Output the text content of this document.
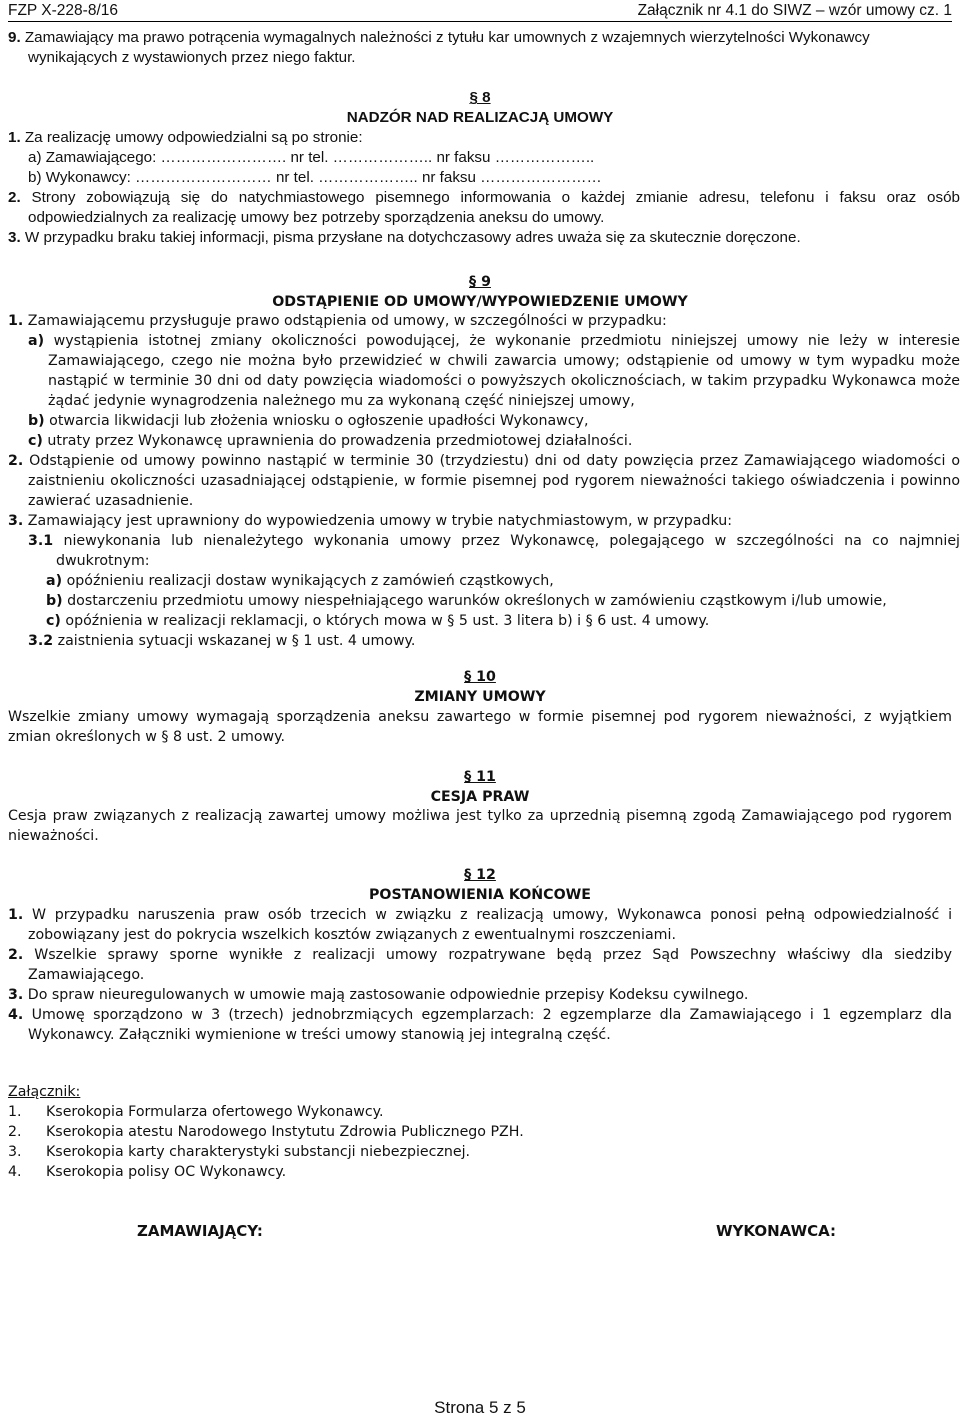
FZP X-228-8/16	Załącznik nr 4.1 do SIWZ – wzór umowy cz. 1
9. Zamawiający ma prawo potrącenia wymagalnych należności z tytułu kar umownych z wzajemnych wierzytelności Wykonawcy wynikających z wystawionych przez niego faktur.
§ 8
NADZÓR NAD REALIZACJĄ UMOWY
1. Za realizację umowy odpowiedzialni są po stronie:
a) Zamawiającego: ……………………. nr tel. ……………….. nr faksu ………………..
b) Wykonawcy: ……………………… nr tel. ……………….. nr faksu ……………………
2. Strony zobowiązują się do natychmiastowego pisemnego informowania o każdej zmianie adresu, telefonu i faksu oraz osób odpowiedzialnych za realizację umowy bez potrzeby sporządzenia aneksu do umowy.
3. W przypadku braku takiej informacji, pisma przysłane na dotychczasowy adres uważa się za skutecznie doręczone.
§ 9
ODSTĄPIENIE OD UMOWY/WYPOWIEDZENIE UMOWY
1. Zamawiającemu przysługuje prawo odstąpienia od umowy, w szczególności w przypadku:
a) wystąpienia istotnej zmiany okoliczności powodującej, że wykonanie przedmiotu niniejszej umowy nie leży w interesie Zamawiającego, czego nie można było przewidzieć w chwili zawarcia umowy; odstąpienie od umowy w tym wypadku może nastąpić w terminie 30 dni od daty powzięcia wiadomości o powyższych okolicznościach, w takim przypadku Wykonawca może żądać jedynie wynagrodzenia należnego mu za wykonaną część niniejszej umowy,
b) otwarcia likwidacji lub złożenia wniosku o ogłoszenie upadłości Wykonawcy,
c) utraty przez Wykonawcę uprawnienia do prowadzenia przedmiotowej działalności.
2. Odstąpienie od umowy powinno nastąpić w terminie 30 (trzydziestu) dni od daty powzięcia przez Zamawiającego wiadomości o zaistnieniu okoliczności uzasadniającej odstąpienie, w formie pisemnej pod rygorem nieważności takiego oświadczenia i powinno zawierać uzasadnienie.
3. Zamawiający jest uprawniony do wypowiedzenia umowy w trybie natychmiastowym, w przypadku:
3.1 niewykonania lub nienależytego wykonania umowy przez Wykonawcę, polegającego w szczególności na co najmniej dwukrotnym:
a) opóźnieniu realizacji dostaw wynikających z zamówień cząstkowych,
b) dostarczeniu przedmiotu umowy niespełniającego warunków określonych w zamówieniu cząstkowym i/lub umowie,
c) opóźnienia w realizacji reklamacji, o których mowa w § 5 ust. 3 litera b) i § 6 ust. 4 umowy.
3.2 zaistnienia sytuacji wskazanej w § 1 ust. 4 umowy.
§ 10
ZMIANY UMOWY
Wszelkie zmiany umowy wymagają sporządzenia aneksu zawartego w formie pisemnej pod rygorem nieważności, z wyjątkiem zmian określonych w § 8 ust. 2 umowy.
§ 11
CESJA PRAW
Cesja praw związanych z realizacją zawartej umowy możliwa jest tylko za uprzednią pisemną zgodą Zamawiającego pod rygorem nieważności.
§ 12
POSTANOWIENIA KOŃCOWE
1. W przypadku naruszenia praw osób trzecich w związku z realizacją umowy, Wykonawca ponosi pełną odpowiedzialność i zobowiązany jest do pokrycia wszelkich kosztów związanych z ewentualnymi roszczeniami.
2. Wszelkie sprawy sporne wynikłe z realizacji umowy rozpatrywane będą przez Sąd Powszechny właściwy dla siedziby Zamawiającego.
3. Do spraw nieuregulowanych w umowie mają zastosowanie odpowiednie przepisy Kodeksu cywilnego.
4. Umowę sporządzono w 3 (trzech) jednobrzmiących egzemplarzach: 2 egzemplarze dla Zamawiającego i 1 egzemplarz dla Wykonawcy. Załączniki wymienione w treści umowy stanowią jej integralną część.
Załącznik:
1. Kserokopia Formularza ofertowego Wykonawcy.
2. Kserokopia atestu Narodowego Instytutu Zdrowia Publicznego PZH.
3. Kserokopia karty charakterystyki substancji niebezpiecznej.
4. Kserokopia polisy OC Wykonawcy.
ZAMAWIAJĄCY:	WYKONAWCA:
Strona 5 z 5
